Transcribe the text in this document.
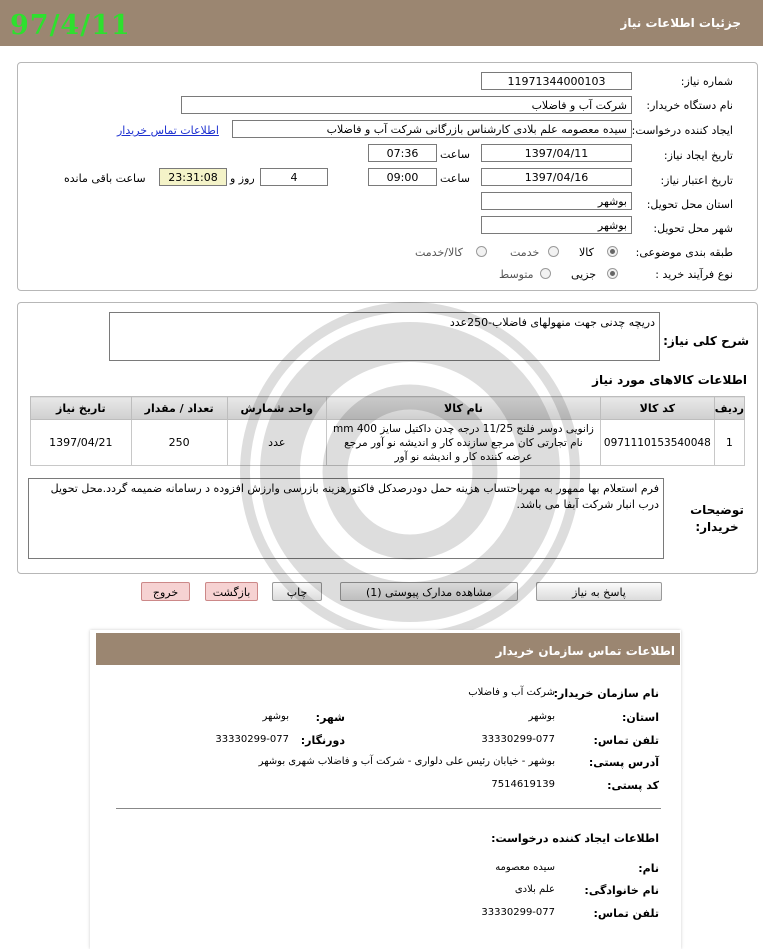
جزئیات اطلاعات نیاز
97/4/11
شماره نیاز:
11971344000103
نام دستگاه خریدار:
شرکت آب و فاضلاب
ایجاد کننده درخواست:
سیده معصومه علم بلادی کارشناس بازرگانی شرکت آب و فاضلاب
اطلاعات تماس خریدار
تاریخ ایجاد نیاز:
1397/04/11
ساعت
07:36
تاریخ اعتبار نیاز:
1397/04/16
ساعت
09:00
4
روز و
23:31:08
ساعت باقی مانده
استان محل تحویل:
بوشهر
شهر محل تحویل:
بوشهر
طبقه بندی موضوعی:
کالا
خدمت
کالا/خدمت
نوع فرآیند خرید :
جزیی
متوسط
شرح کلی نیاز:
دریچه چدنی جهت منهولهای فاضلاب-250عدد
اطلاعات کالاهای مورد نیاز
ردیف	کد کالا	نام کالا	واحد شمارش	تعداد / مقدار	تاریخ نیاز
1	0971110153540048	زانویی دوسر فلنج 11/25 درجه چدن داکتیل سایز 400 mm نام تجارتی کان مرجع سازنده کار و اندیشه نو آور مرجع عرضه کننده کار و اندیشه نو آور	عدد	250	1397/04/21
توضیحات خریدار:
فرم استعلام بها ممهور به مهرباحتساب هزینه حمل دودرصدکل فاکتورهزینه بازرسی وارزش افزوده د رسامانه ضمیمه گردد.محل تحویل درب انبار شرکت آبفا می باشد.
پاسخ به نیاز
مشاهده مدارک پیوستی (1)
چاپ
بازگشت
خروج
اطلاعات تماس سازمان خریدار
نام سازمان خریدار:
شرکت آب و فاضلاب
استان:
بوشهر
شهر:
بوشهر
تلفن تماس:
33330299-077
دورنگار:
33330299-077
آدرس پستی:
بوشهر - خیابان رئیس علی دلواری - شرکت آب و فاضلاب شهری بوشهر
کد پستی:
7514619139
اطلاعات ایجاد کننده درخواست:
نام:
سیده معصومه
نام خانوادگی:
علم بلادی
تلفن تماس:
33330299-077
